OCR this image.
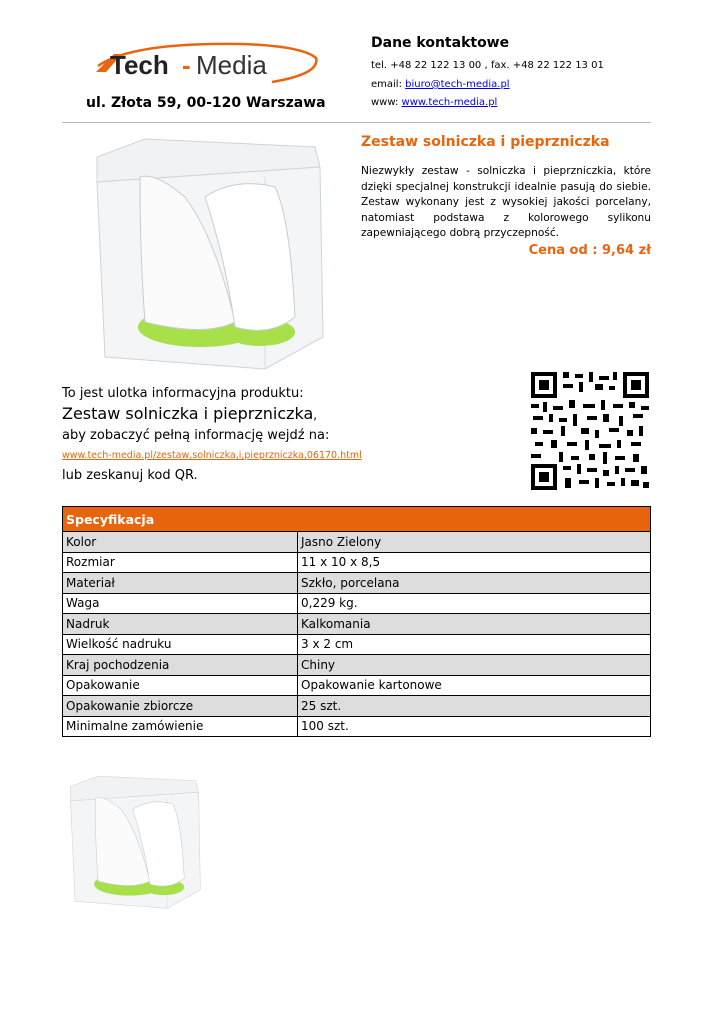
Tech - Media
ul. Złota 59, 00-120 Warszawa
Dane kontaktowe
tel. +48 22 122 13 00 , fax. +48 22 122 13 01
email: biuro@tech-media.pl
www: www.tech-media.pl
Zestaw solniczka i pieprzniczka
Niezwykły zestaw - solniczka i pieprzniczkia, które dzięki specjalnej konstrukcji idealnie pasują do siebie. Zestaw wykonany jest z wysokiej jakości porcelany, natomiast podstawa z kolorowego sylikonu zapewniającego dobrą przyczepność.
Cena od : 9,64 zł
To jest ulotka informacyjna produktu:
Zestaw solniczka i pieprzniczka,
aby zobaczyć pełną informację wejdź na:
www.tech-media.pl/zestaw,solniczka,i,pieprzniczka,06170.html
lub zeskanuj kod QR.
Specyfikacja	
Kolor	Jasno Zielony
Rozmiar	11 x 10 x 8,5
Materiał	Szkło, porcelana
Waga	0,229 kg.
Nadruk	Kalkomania
Wielkość nadruku	3 x 2 cm
Kraj pochodzenia	Chiny
Opakowanie	Opakowanie kartonowe
Opakowanie zbiorcze	25 szt.
Minimalne zamówienie	100 szt.
